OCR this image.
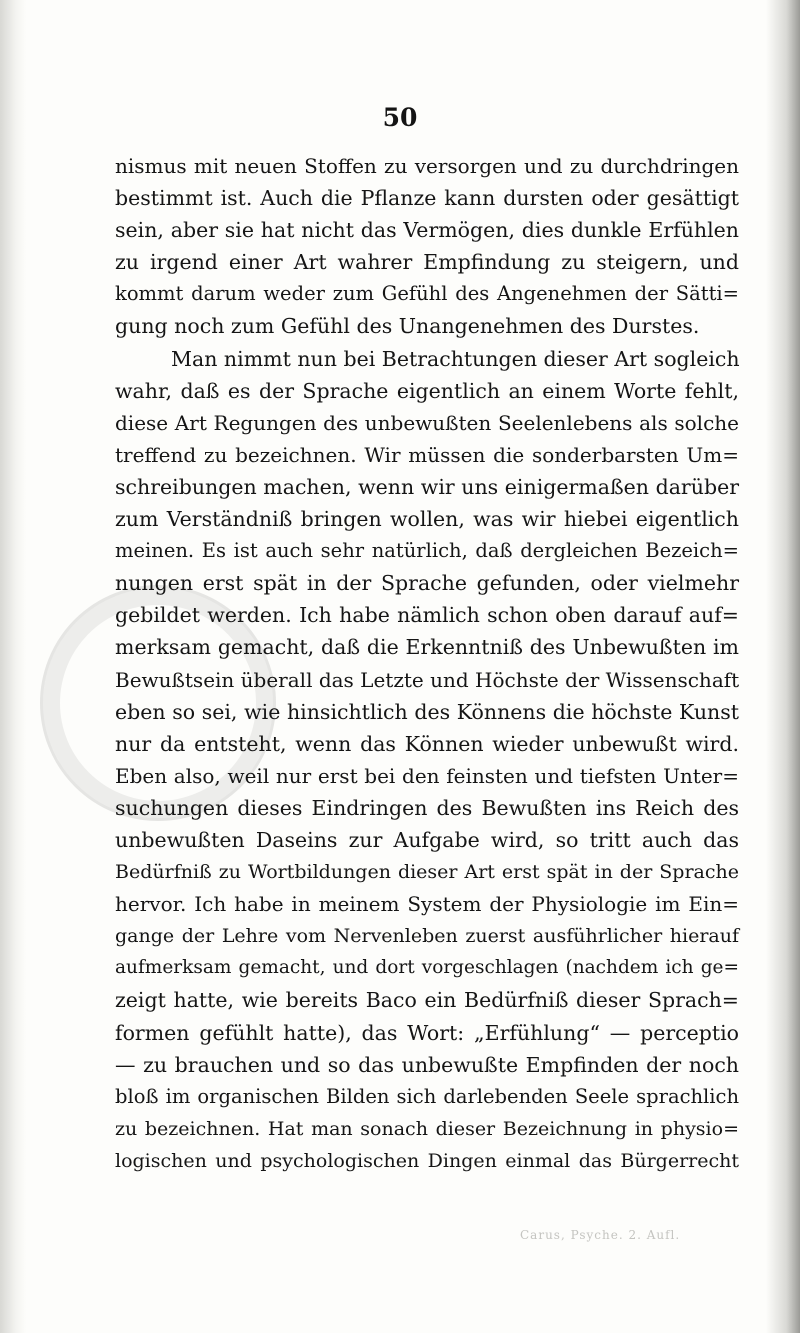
50
nismus mit neuen Stoffen zu versorgen und zu durchdringen
bestimmt ist. Auch die Pflanze kann dursten oder gesättigt
sein, aber sie hat nicht das Vermögen, dies dunkle Erfühlen
zu irgend einer Art wahrer Empfindung zu steigern, und
kommt darum weder zum Gefühl des Angenehmen der Sätti=
gung noch zum Gefühl des Unangenehmen des Durstes.
Man nimmt nun bei Betrachtungen dieser Art sogleich
wahr, daß es der Sprache eigentlich an einem Worte fehlt,
diese Art Regungen des unbewußten Seelenlebens als solche
treffend zu bezeichnen. Wir müssen die sonderbarsten Um=
schreibungen machen, wenn wir uns einigermaßen darüber
zum Verständniß bringen wollen, was wir hiebei eigentlich
meinen. Es ist auch sehr natürlich, daß dergleichen Bezeich=
nungen erst spät in der Sprache gefunden, oder vielmehr
gebildet werden. Ich habe nämlich schon oben darauf auf=
merksam gemacht, daß die Erkenntniß des Unbewußten im
Bewußtsein überall das Letzte und Höchste der Wissenschaft
eben so sei, wie hinsichtlich des Könnens die höchste Kunst
nur da entsteht, wenn das Können wieder unbewußt wird.
Eben also, weil nur erst bei den feinsten und tiefsten Unter=
suchungen dieses Eindringen des Bewußten ins Reich des
unbewußten Daseins zur Aufgabe wird, so tritt auch das
Bedürfniß zu Wortbildungen dieser Art erst spät in der Sprache
hervor. Ich habe in meinem System der Physiologie im Ein=
gange der Lehre vom Nervenleben zuerst ausführlicher hierauf
aufmerksam gemacht, und dort vorgeschlagen (nachdem ich ge=
zeigt hatte, wie bereits Baco ein Bedürfniß dieser Sprach=
formen gefühlt hatte), das Wort: „Erfühlung“ — perceptio
— zu brauchen und so das unbewußte Empfinden der noch
bloß im organischen Bilden sich darlebenden Seele sprachlich
zu bezeichnen. Hat man sonach dieser Bezeichnung in physio=
logischen und psychologischen Dingen einmal das Bürgerrecht
Carus, Psyche. 2. Aufl.
